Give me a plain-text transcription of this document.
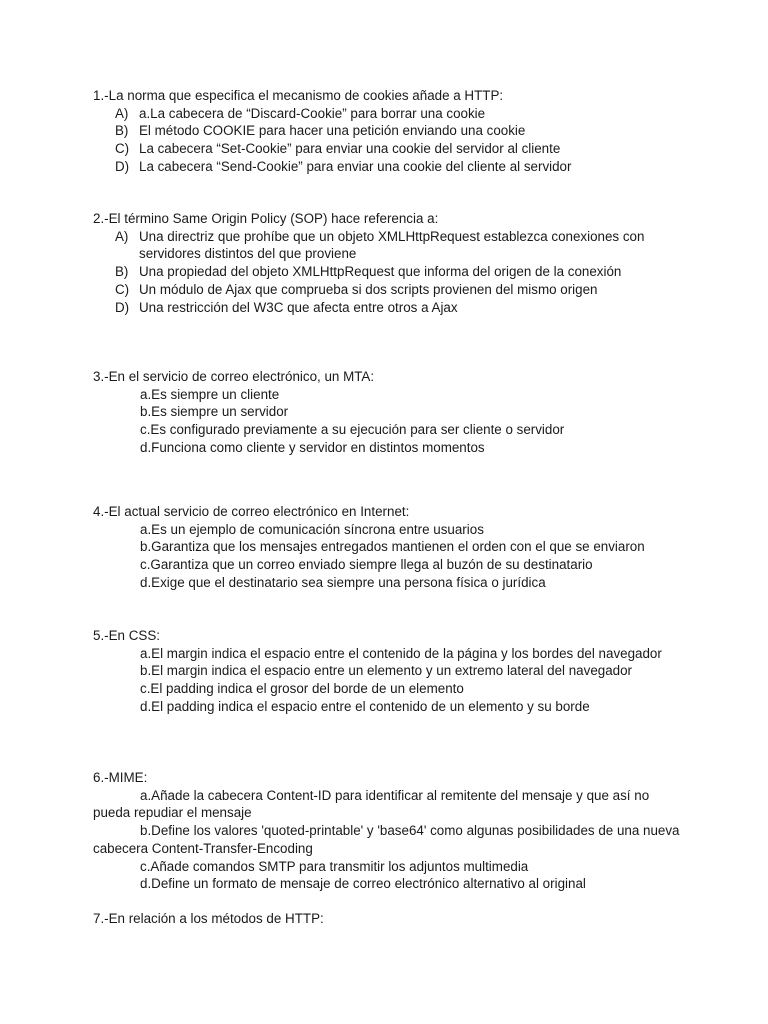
1.-La norma que especifica el mecanismo de cookies añade a HTTP:
A) a.La cabecera de “Discard-Cookie” para borrar una cookie
B) El método COOKIE para hacer una petición enviando una cookie
C) La cabecera “Set-Cookie” para enviar una cookie del servidor al cliente
D) La cabecera “Send-Cookie” para enviar una cookie del cliente al servidor
2.-El término Same Origin Policy (SOP) hace referencia a:
A) Una directriz que prohíbe que un objeto XMLHttpRequest establezca conexiones con servidores distintos del que proviene
B) Una propiedad del objeto XMLHttpRequest que informa del origen de la conexión
C) Un módulo de Ajax que comprueba si dos scripts provienen del mismo origen
D) Una restricción del W3C que afecta entre otros a Ajax
3.-En el servicio de correo electrónico, un MTA:
a.Es siempre un cliente
b.Es siempre un servidor
c.Es configurado previamente a su ejecución para ser cliente o servidor
d.Funciona como cliente y servidor en distintos momentos
4.-El actual servicio de correo electrónico en Internet:
a.Es un ejemplo de comunicación síncrona entre usuarios
b.Garantiza que los mensajes entregados mantienen el orden con el que se enviaron
c.Garantiza que un correo enviado siempre llega al buzón de su destinatario
d.Exige que el destinatario sea siempre una persona física o jurídica
5.-En CSS:
a.El margin indica el espacio entre el contenido de la página y los bordes del navegador
b.El margin indica el espacio entre un elemento y un extremo lateral del navegador
c.El padding indica el grosor del borde de un elemento
d.El padding indica el espacio entre el contenido de un elemento y su borde
6.-MIME:
a.Añade la cabecera Content-ID para identificar al remitente del mensaje y que así no pueda repudiar el mensaje
b.Define los valores 'quoted-printable' y 'base64' como algunas posibilidades de una nueva cabecera Content-Transfer-Encoding
c.Añade comandos SMTP para transmitir los adjuntos multimedia
d.Define un formato de mensaje de correo electrónico alternativo al original
7.-En relación a los métodos de HTTP:
